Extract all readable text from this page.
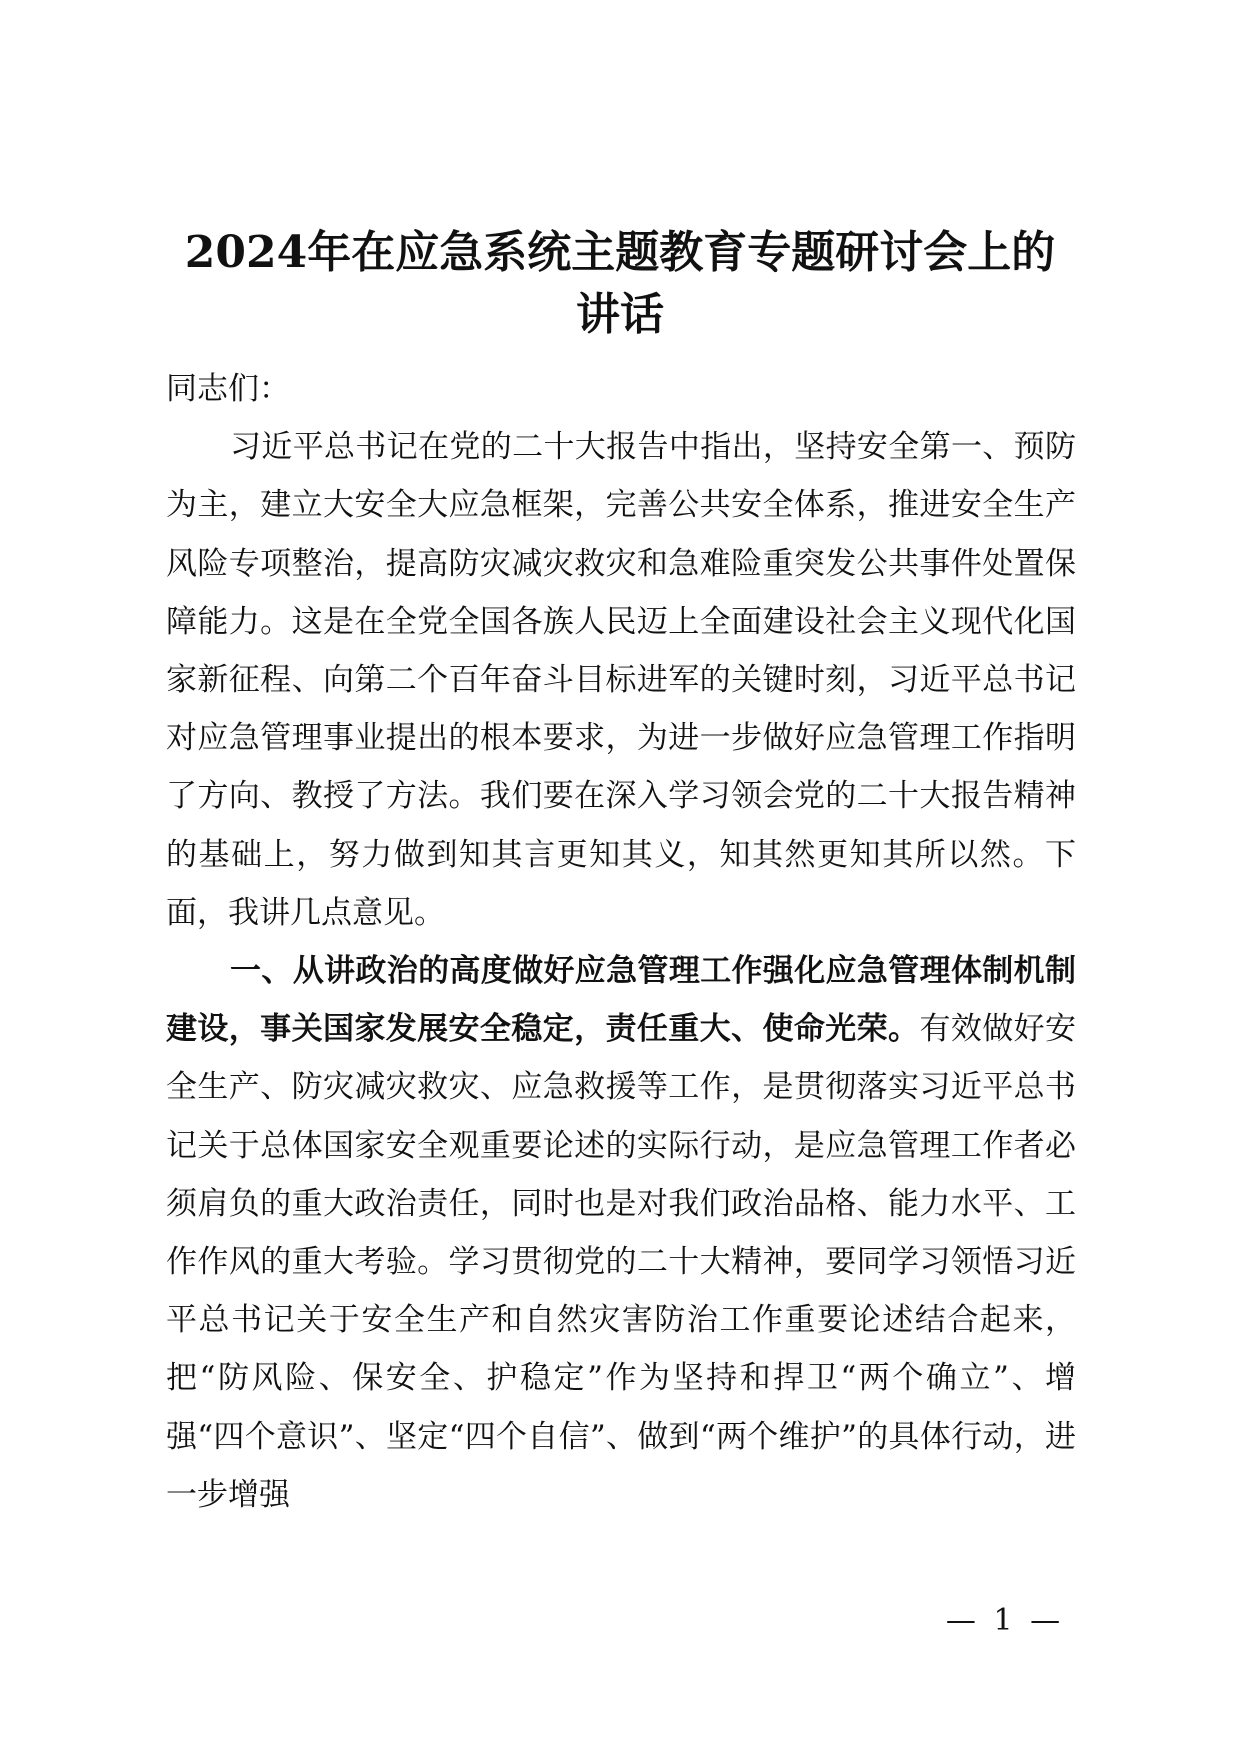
2024年在应急系统主题教育专题研讨会上的
讲话

同志们：

习近平总书记在党的二十大报告中指出，坚持安全第一、预防为主，建立大安全大应急框架，完善公共安全体系，推进安全生产风险专项整治，提高防灾减灾救灾和急难险重突发公共事件处置保障能力。这是在全党全国各族人民迈上全面建设社会主义现代化国家新征程、向第二个百年奋斗目标进军的关键时刻，习近平总书记对应急管理事业提出的根本要求，为进一步做好应急管理工作指明了方向、教授了方法。我们要在深入学习领会党的二十大报告精神的基础上，努力做到知其言更知其义，知其然更知其所以然。下面，我讲几点意见。

一、从讲政治的高度做好应急管理工作强化应急管理体制机制建设，事关国家发展安全稳定，责任重大、使命光荣。有效做好安全生产、防灾减灾救灾、应急救援等工作，是贯彻落实习近平总书记关于总体国家安全观重要论述的实际行动，是应急管理工作者必须肩负的重大政治责任，同时也是对我们政治品格、能力水平、工作作风的重大考验。学习贯彻党的二十大精神，要同学习领悟习近平总书记关于安全生产和自然灾害防治工作重要论述结合起来，把“防风险、保安全、护稳定”作为坚持和捍卫“两个确立”、增强“四个意识”、坚定“四个自信”、做到“两个维护”的具体行动，进一步增强

— 1 —
